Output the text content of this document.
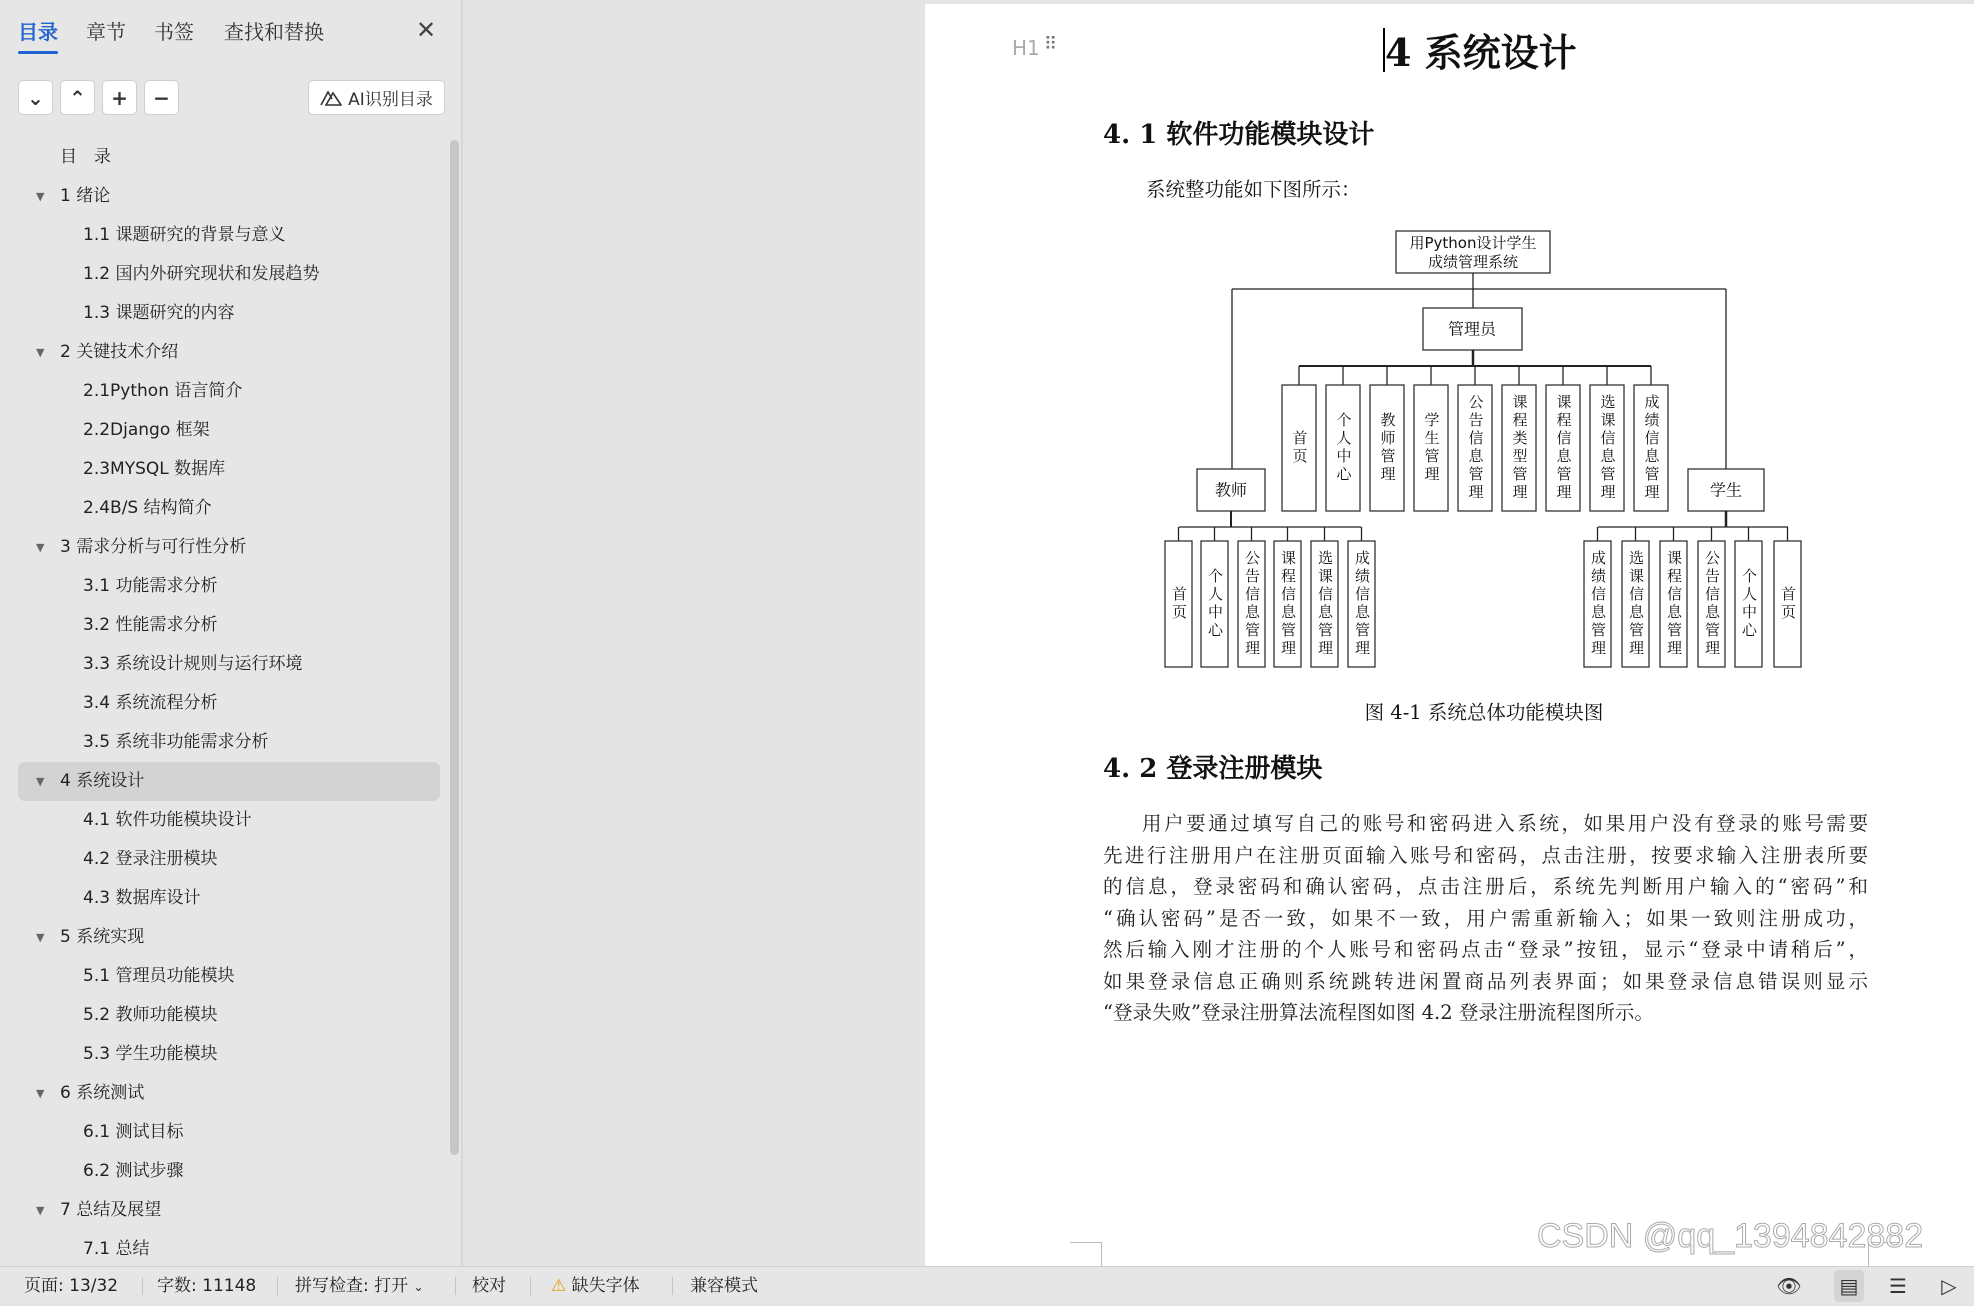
目录 章节 书签 查找和替换	✕
⌄ ⌃ + −	AI识别目录
目　录
▼ 1 绪论
1.1 课题研究的背景与意义
1.2 国内外研究现状和发展趋势
1.3 课题研究的内容
▼ 2 关键技术介绍
2.1Python 语言简介
2.2Django 框架
2.3MYSQL 数据库
2.4B/S 结构简介
▼ 3 需求分析与可行性分析
3.1 功能需求分析
3.2 性能需求分析
3.3 系统设计规则与运行环境
3.4 系统流程分析
3.5 系统非功能需求分析
▼ 4 系统设计
4.1 软件功能模块设计
4.2 登录注册模块
4.3 数据库设计
▼ 5 系统实现
5.1 管理员功能模块
5.2 教师功能模块
5.3 学生功能模块
▼ 6 系统测试
6.1 测试目标
6.2 测试步骤
▼ 7 总结及展望
7.1 总结
H1 ⠿	4 系统设计
4. 1 软件功能模块设计
系统整功能如下图所示：
用Python设计学生
成绩管理系统
管理员
教师	学生
首页 个人中心 教师管理 学生管理 公告信息管理 课程类型管理 课程信息管理 选课信息管理 成绩信息管理
首页 个人中心 公告信息管理 课程信息管理 选课信息管理 成绩信息管理	成绩信息管理 选课信息管理 课程信息管理 公告信息管理 个人中心 首页
图 4-1 系统总体功能模块图
4. 2 登录注册模块
用户要通过填写自己的账号和密码进入系统，如果用户没有登录的账号需要
先进行注册用户在注册页面输入账号和密码，点击注册，按要求输入注册表所要
的信息，登录密码和确认密码，点击注册后，系统先判断用户输入的“密码”和
“确认密码”是否一致，如果不一致，用户需重新输入；如果一致则注册成功，
然后输入刚才注册的个人账号和密码点击“登录”按钮，显示“登录中请稍后”，
如果登录信息正确则系统跳转进闲置商品列表界面；如果登录信息错误则显示
“登录失败”登录注册算法流程图如图 4.2 登录注册流程图所示。
页面: 13/32 字数: 11148 拼写检查: 打开 ⌄	校对	⚠ 缺失字体	兼容模式	👁 ▤	☰	▷
CSDN @qq_1394842882
